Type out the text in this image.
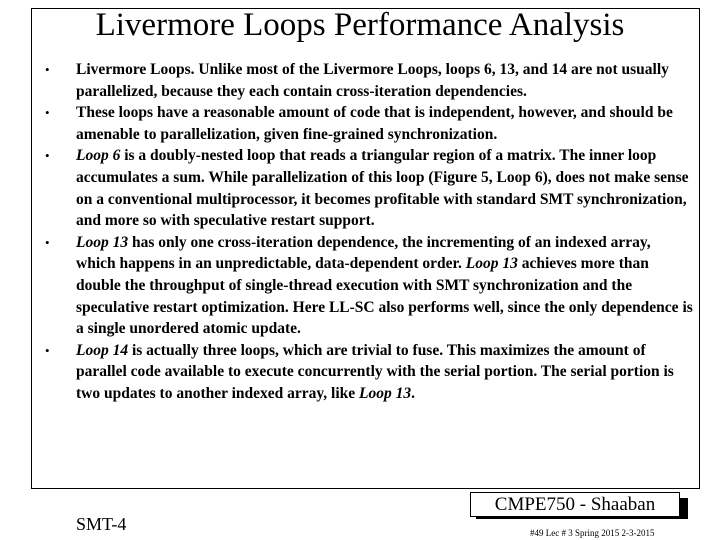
Livermore Loops Performance Analysis
• Livermore Loops. Unlike most of the Livermore Loops, loops 6, 13, and 14 are not usually parallelized, because they each contain cross-iteration dependencies.
• These loops have a reasonable amount of code that is independent, however, and should be amenable to parallelization, given fine-grained synchronization.
• Loop 6 is a doubly-nested loop that reads a triangular region of a matrix. The inner loop accumulates a sum. While parallelization of this loop (Figure 5, Loop 6), does not make sense on a conventional multiprocessor, it becomes profitable with standard SMT synchronization, and more so with speculative restart support.
• Loop 13 has only one cross-iteration dependence, the incrementing of an indexed array, which happens in an unpredictable, data-dependent order. Loop 13 achieves more than double the throughput of single-thread execution with SMT synchronization and the speculative restart optimization. Here LL-SC also performs well, since the only dependence is a single unordered atomic update.
• Loop 14 is actually three loops, which are trivial to fuse. This maximizes the amount of parallel code available to execute concurrently with the serial portion. The serial portion is two updates to another indexed array, like Loop 13.
SMT-4
CMPE750 - Shaaban
#49 Lec # 3 Spring 2015 2-3-2015
